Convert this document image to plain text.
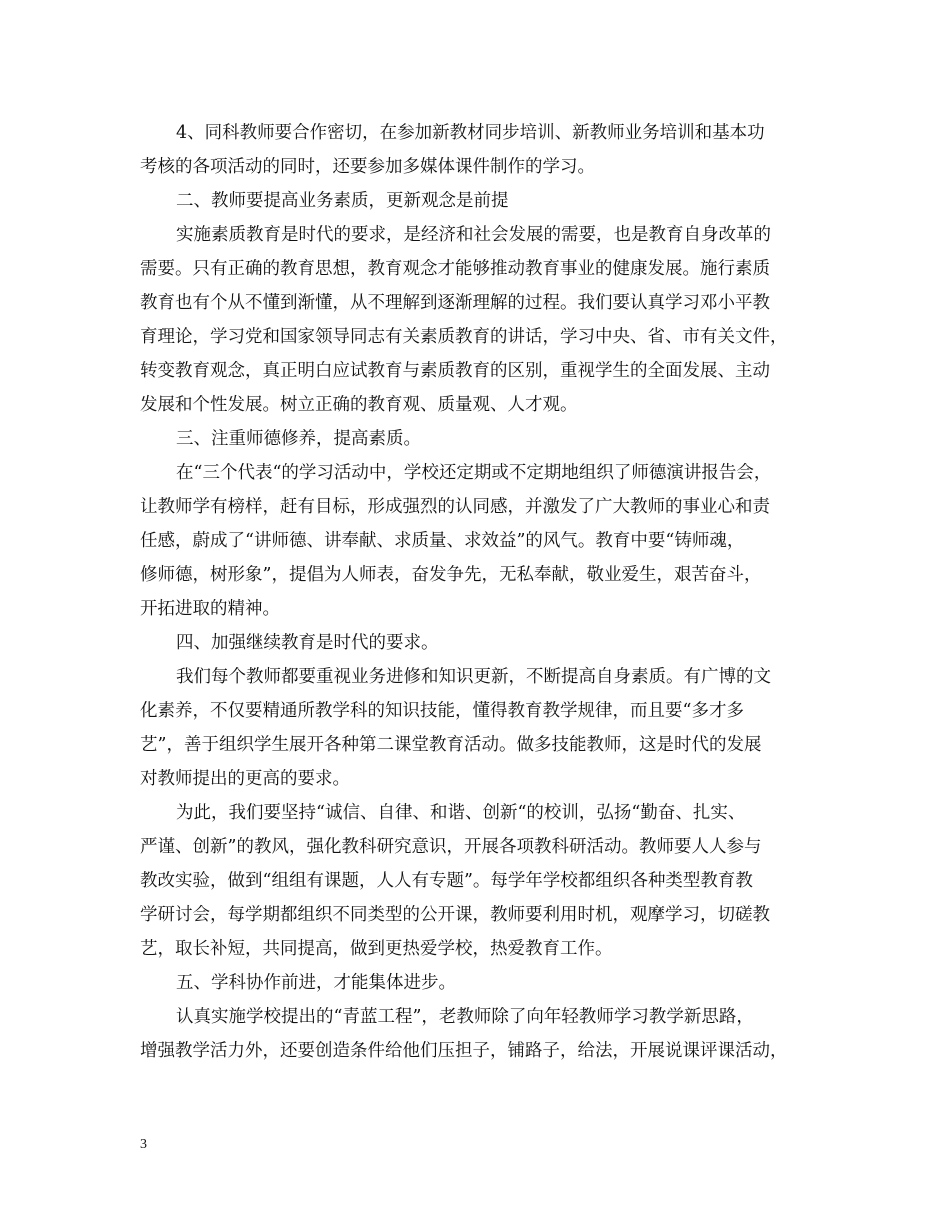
4、同科教师要合作密切，在参加新教材同步培训、新教师业务培训和基本功
考核的各项活动的同时，还要参加多媒体课件制作的学习。
二、教师要提高业务素质，更新观念是前提
实施素质教育是时代的要求，是经济和社会发展的需要，也是教育自身改革的
需要。只有正确的教育思想，教育观念才能够推动教育事业的健康发展。施行素质
教育也有个从不懂到渐懂，从不理解到逐渐理解的过程。我们要认真学习邓小平教
育理论，学习党和国家领导同志有关素质教育的讲话，学习中央、省、市有关文件，
转变教育观念，真正明白应试教育与素质教育的区别，重视学生的全面发展、主动
发展和个性发展。树立正确的教育观、质量观、人才观。
三、注重师德修养，提高素质。
在“三个代表“的学习活动中，学校还定期或不定期地组织了师德演讲报告会，
让教师学有榜样，赶有目标，形成强烈的认同感，并激发了广大教师的事业心和责
任感，蔚成了“讲师德、讲奉献、求质量、求效益”的风气。教育中要“铸师魂，
修师德，树形象”，提倡为人师表，奋发争先，无私奉献，敬业爱生，艰苦奋斗，
开拓进取的精神。
四、加强继续教育是时代的要求。
我们每个教师都要重视业务进修和知识更新，不断提高自身素质。有广博的文
化素养，不仅要精通所教学科的知识技能，懂得教育教学规律，而且要“多才多
艺”，善于组织学生展开各种第二课堂教育活动。做多技能教师，这是时代的发展
对教师提出的更高的要求。
为此，我们要坚持“诚信、自律、和谐、创新“的校训，弘扬“勤奋、扎实、
严谨、创新”的教风，强化教科研究意识，开展各项教科研活动。教师要人人参与
教改实验，做到“组组有课题，人人有专题”。每学年学校都组织各种类型教育教
学研讨会，每学期都组织不同类型的公开课，教师要利用时机，观摩学习，切磋教
艺，取长补短，共同提高，做到更热爱学校，热爱教育工作。
五、学科协作前进，才能集体进步。
认真实施学校提出的“青蓝工程”，老教师除了向年轻教师学习教学新思路，
增强教学活力外，还要创造条件给他们压担子，铺路子，给法，开展说课评课活动，
3
